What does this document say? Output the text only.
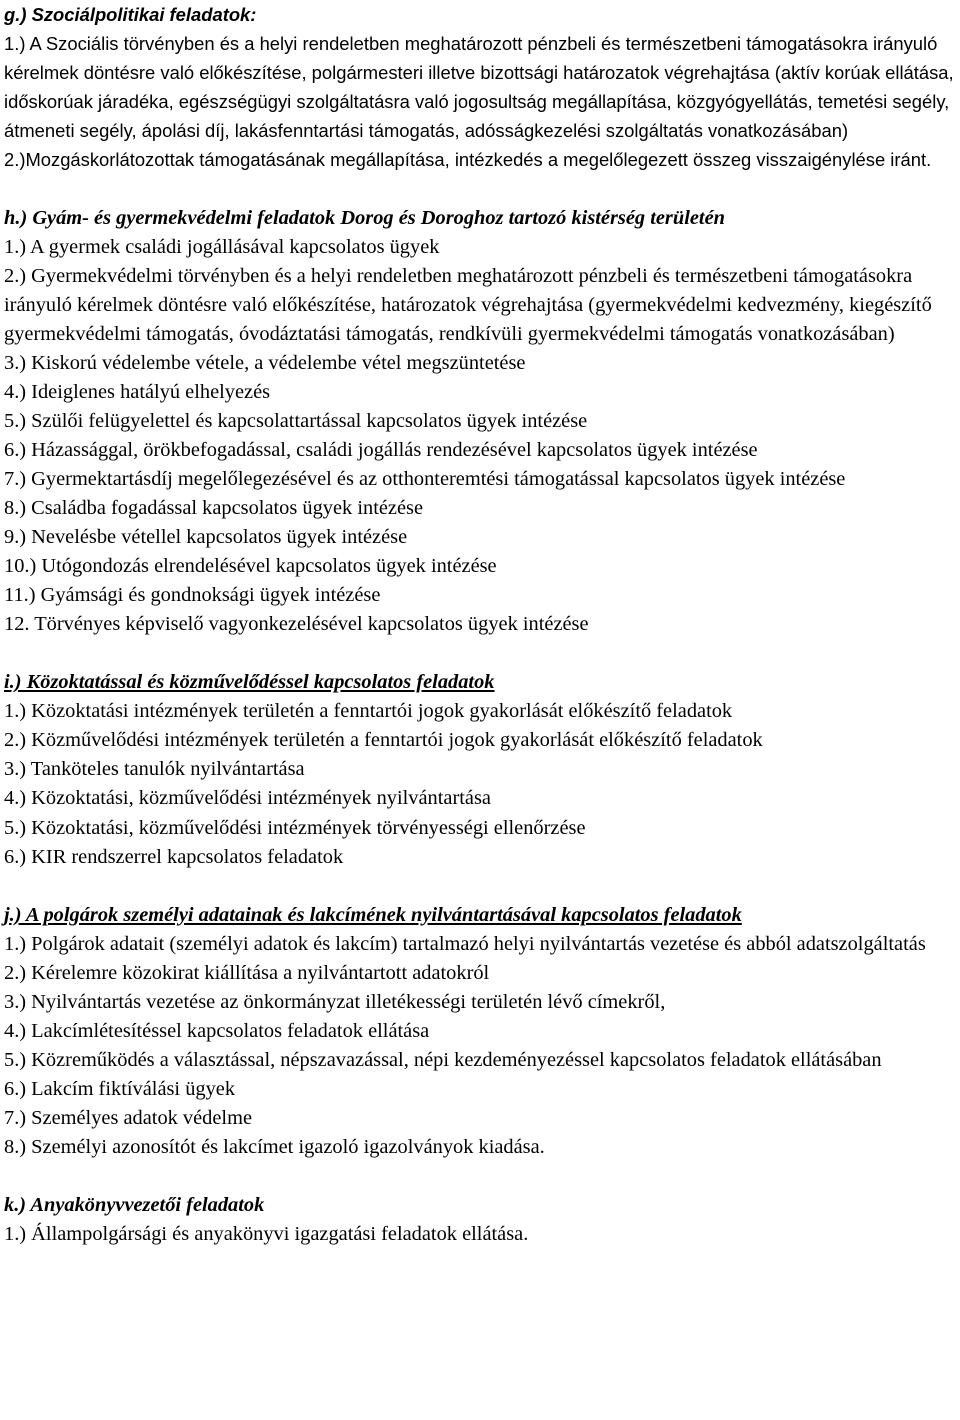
g.) Szociálpolitikai feladatok:
1.) A Szociális törvényben és a helyi rendeletben meghatározott pénzbeli és természetbeni támogatásokra irányuló kérelmek döntésre való előkészítése, polgármesteri illetve bizottsági határozatok végrehajtása (aktív korúak ellátása, időskorúak járadéka, egészségügyi szolgáltatásra való jogosultság megállapítása, közgyógyellátás, temetési segély, átmeneti segély, ápolási díj, lakásfenntartási támogatás, adósságkezelési szolgáltatás vonatkozásában)
2.)Mozgáskorlátozottak támogatásának megállapítása, intézkedés a megelőlegezett összeg visszaigénylése iránt.
h.) Gyám- és gyermekvédelmi feladatok Dorog és Doroghoz tartozó kistérség területén
1.) A gyermek családi jogállásával kapcsolatos ügyek
2.) Gyermekvédelmi törvényben és a helyi rendeletben meghatározott pénzbeli és természetbeni támogatásokra irányuló kérelmek döntésre való előkészítése, határozatok végrehajtása (gyermekvédelmi kedvezmény, kiegészítő gyermekvédelmi támogatás, óvodáztatási támogatás, rendkívüli gyermekvédelmi támogatás vonatkozásában)
3.) Kiskorú védelembe vétele, a védelembe vétel megszüntetése
4.) Ideiglenes hatályú elhelyezés
5.) Szülői felügyelettel és kapcsolattartással kapcsolatos ügyek intézése
6.) Házassággal, örökbefogadással, családi jogállás rendezésével kapcsolatos ügyek intézése
7.) Gyermektartásdíj megelőlegezésével és az otthonteremtési támogatással kapcsolatos ügyek intézése
8.) Családba fogadással kapcsolatos ügyek intézése
9.) Nevelésbe vétellel kapcsolatos ügyek intézése
10.) Utógondozás elrendelésével kapcsolatos ügyek intézése
11.) Gyámsági és gondnoksági ügyek intézése
12. Törvényes képviselő vagyonkezelésével kapcsolatos ügyek intézése
i.) Közoktatással és közművelődéssel kapcsolatos feladatok
1.) Közoktatási intézmények területén a fenntartói jogok gyakorlását előkészítő feladatok
2.) Közművelődési intézmények területén a fenntartói jogok gyakorlását előkészítő feladatok
3.) Tanköteles tanulók nyilvántartása
4.) Közoktatási, közművelődési intézmények nyilvántartása
5.) Közoktatási, közművelődési intézmények törvényességi ellenőrzése
6.) KIR rendszerrel kapcsolatos feladatok
j.) A polgárok személyi adatainak és lakcímének nyilvántartásával kapcsolatos feladatok
1.) Polgárok adatait (személyi adatok és lakcím) tartalmazó helyi nyilvántartás vezetése és abból adatszolgáltatás
2.) Kérelemre közokirat kiállítása a nyilvántartott adatokról
3.) Nyilvántartás vezetése az önkormányzat illetékességi területén lévő címekről,
4.) Lakcímlétesítéssel kapcsolatos feladatok ellátása
5.) Közreműködés a választással, népszavazással, népi kezdeményezéssel kapcsolatos feladatok ellátásában
6.) Lakcím fiktíválási ügyek
7.) Személyes adatok védelme
8.) Személyi azonosítót és lakcímet igazoló igazolványok kiadása.
k.) Anyakönyvvezetői feladatok
1.) Állampolgársági és anyakönyvi igazgatási feladatok ellátása.
